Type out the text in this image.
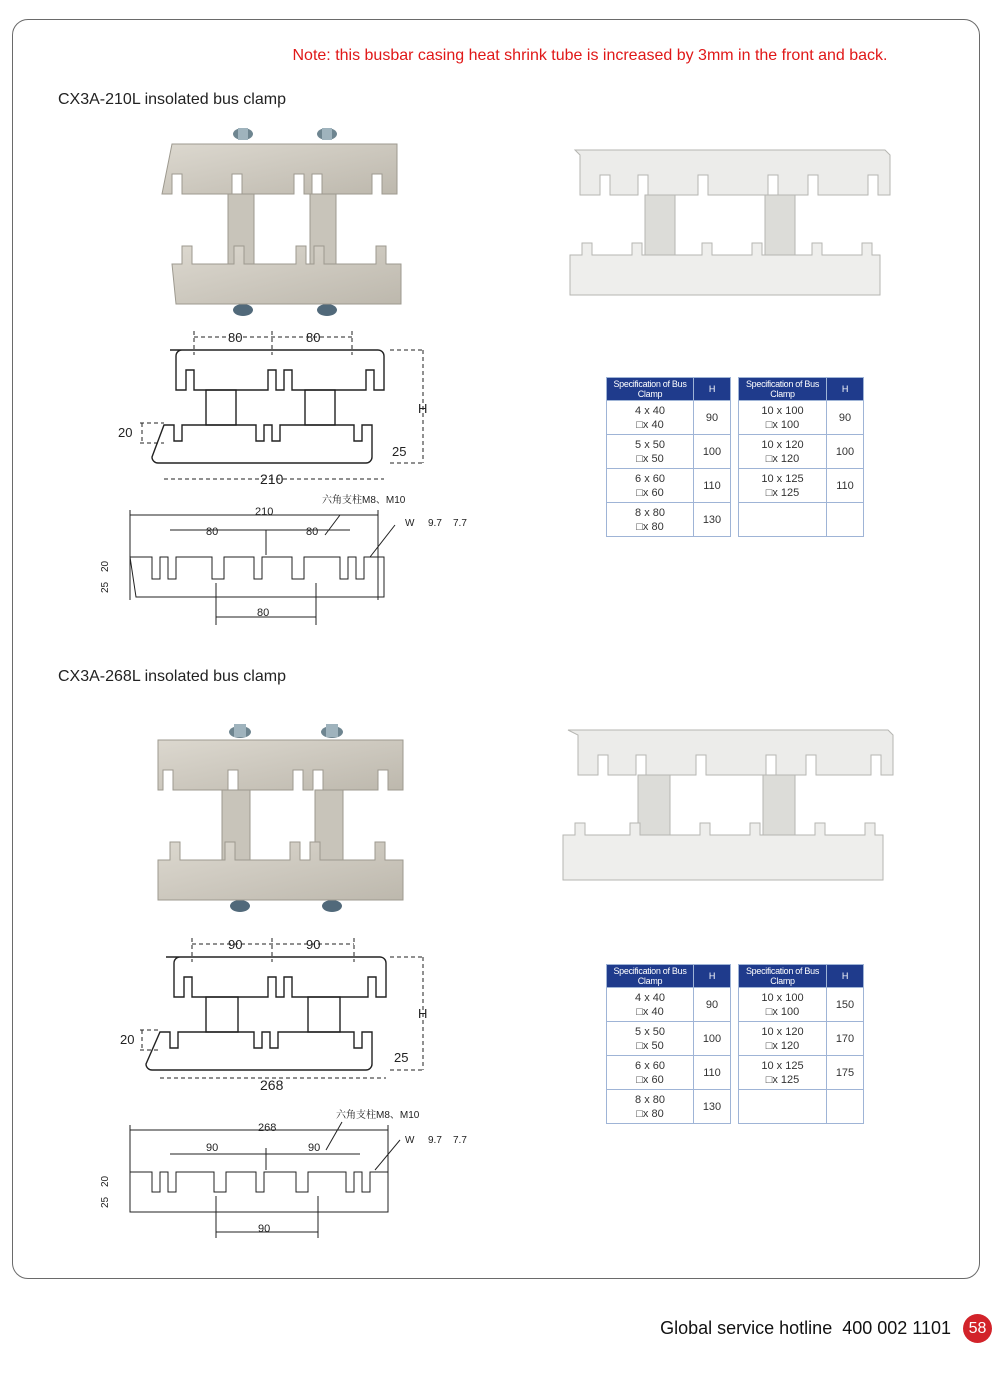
Note: this busbar casing heat shrink tube is increased by 3mm in the front and back.
CX3A-210L insolated bus clamp
80	80
210
20
H
25
210
80	80
80
六角支柱M8、M10
W 9.7 7.7
25
20
Specification of Bus Clamp	H
4 x 40
□x 40	90
5 x 50
□x 50	100
6 x 60
□x 60	110
8 x 80
□x 80	130
Specification of Bus Clamp	H
10 x 100
□x 100	90
10 x 120
□x 120	100
10 x 125
□x 125	110

CX3A-268L insolated bus clamp
90	90
268
20
H
25
268
90	90
90
六角支柱M8、M10
W 9.7 7.7
25
20
Specification of Bus Clamp	H
4 x 40
□x 40	90
5 x 50
□x 50	100
6 x 60
□x 60	110
8 x 80
□x 80	130
Specification of Bus Clamp	H
10 x 100
□x 100	150
10 x 120
□x 120	170
10 x 125
□x 125	175

Global service hotline 400 002 1101	58
